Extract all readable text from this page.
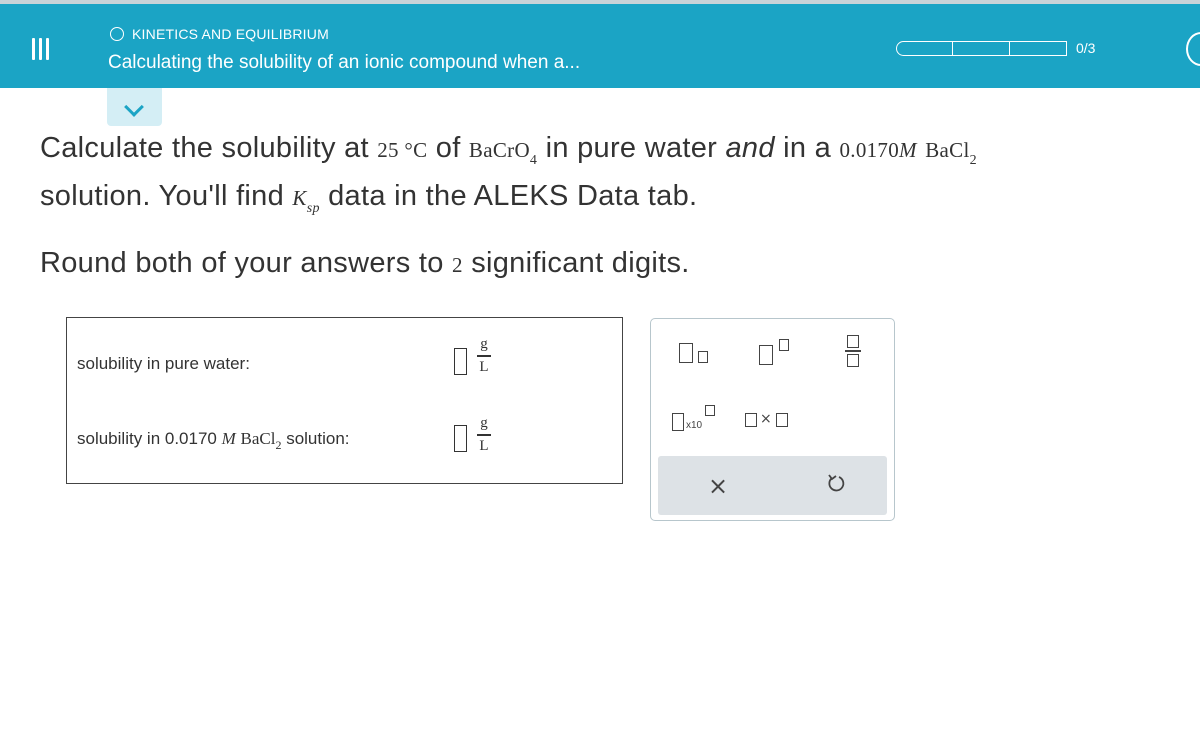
KINETICS AND EQUILIBRIUM
Calculating the solubility of an ionic compound when a...
0/3
Calculate the solubility at 25 °C of BaCrO$_4$ in pure water and in a 0.0170M BaCl$_2$
solution. You'll find $K_{sp}$ data in the ALEKS Data tab.
Round both of your answers to 2 significant digits.
solubility in pure water:
g
L
solubility in 0.0170 M BaCl$_2$ solution:
g
L
x10	×
×
